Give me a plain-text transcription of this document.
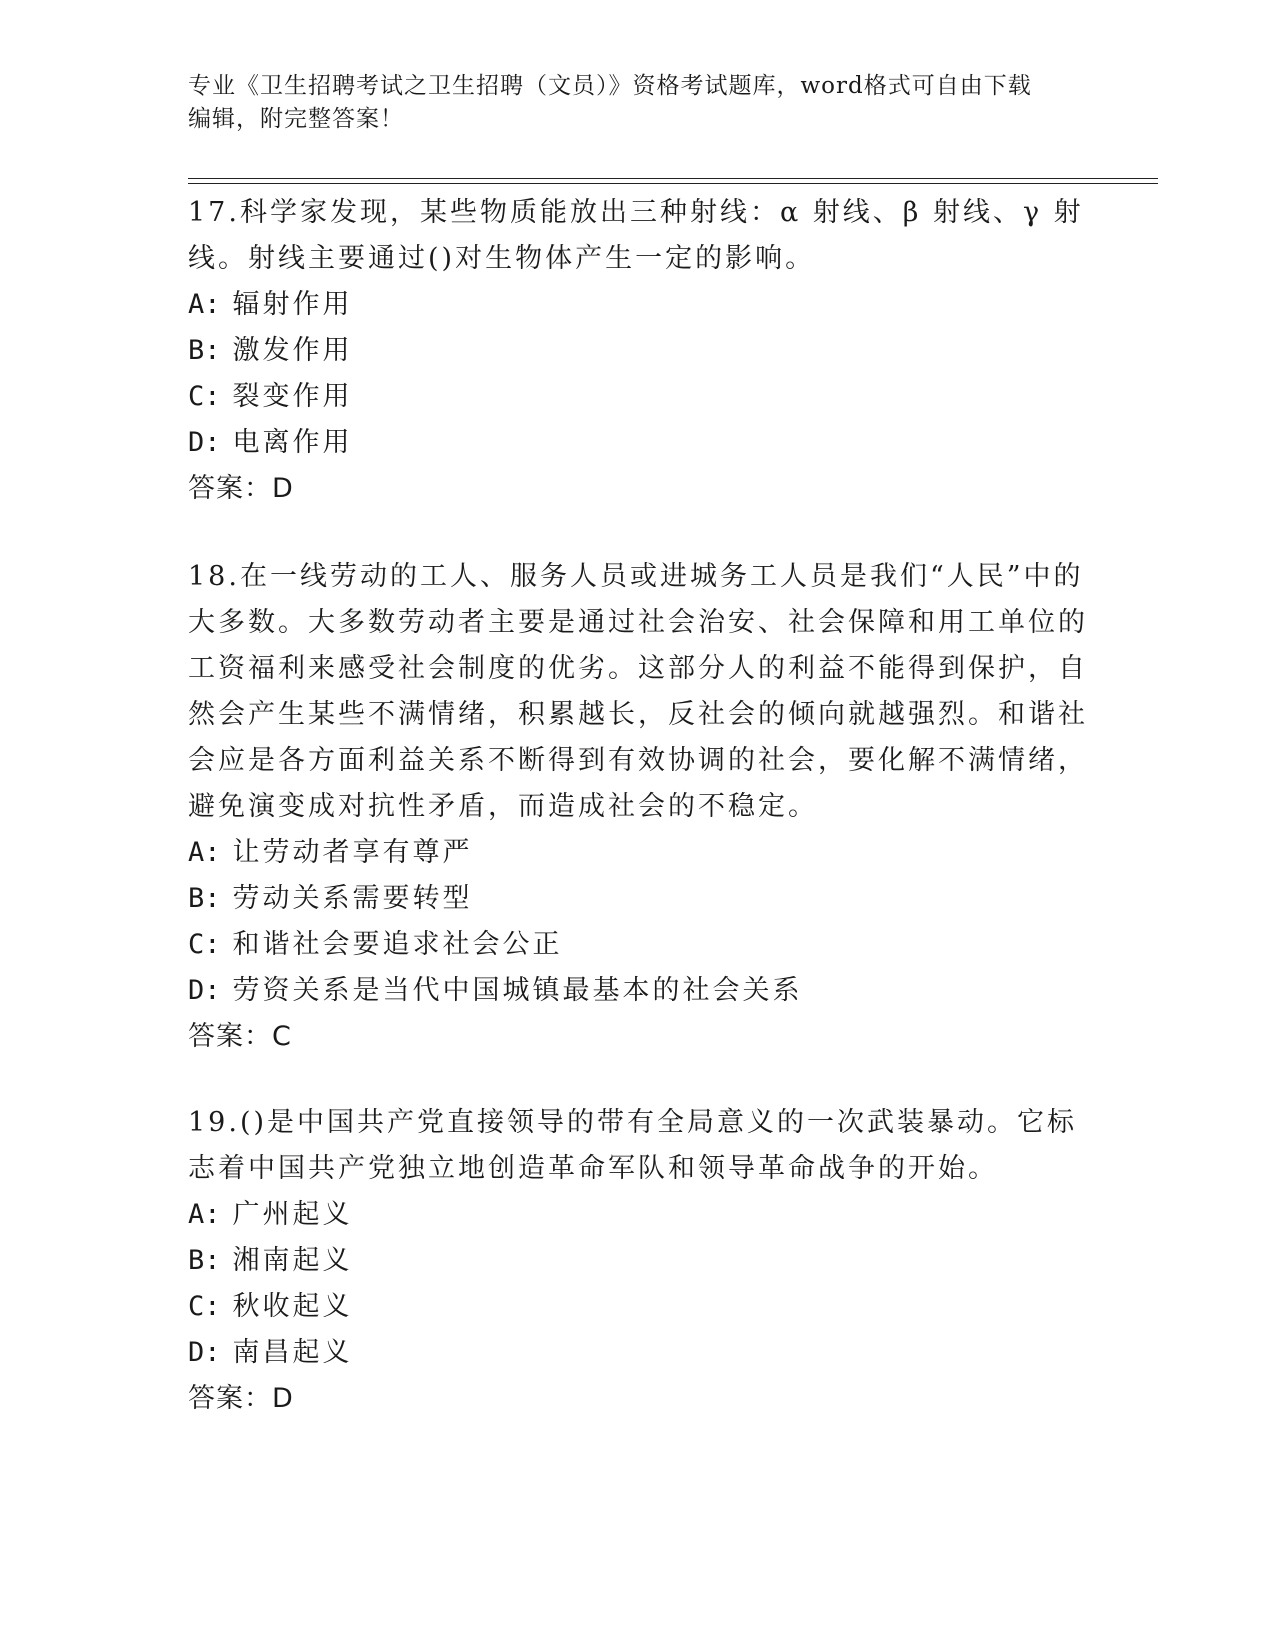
专业《卫生招聘考试之卫生招聘（文员）》资格考试题库，word格式可自由下载
编辑，附完整答案！

17.科学家发现，某些物质能放出三种射线：α 射线、β 射线、γ 射线。射线主要通过()对生物体产生一定的影响。

A: 辐射作用

B: 激发作用

C: 裂变作用

D: 电离作用

答案：D

18.在一线劳动的工人、服务人员或进城务工人员是我们“人民”中的大多数。大多数劳动者主要是通过社会治安、社会保障和用工单位的工资福利来感受社会制度的优劣。这部分人的利益不能得到保护，自然会产生某些不满情绪，积累越长，反社会的倾向就越强烈。和谐社会应是各方面利益关系不断得到有效协调的社会，要化解不满情绪，避免演变成对抗性矛盾，而造成社会的不稳定。

A: 让劳动者享有尊严

B: 劳动关系需要转型

C: 和谐社会要追求社会公正

D: 劳资关系是当代中国城镇最基本的社会关系

答案：C

19.()是中国共产党直接领导的带有全局意义的一次武装暴动。它标志着中国共产党独立地创造革命军队和领导革命战争的开始。

A: 广州起义

B: 湘南起义

C: 秋收起义

D: 南昌起义

答案：D
